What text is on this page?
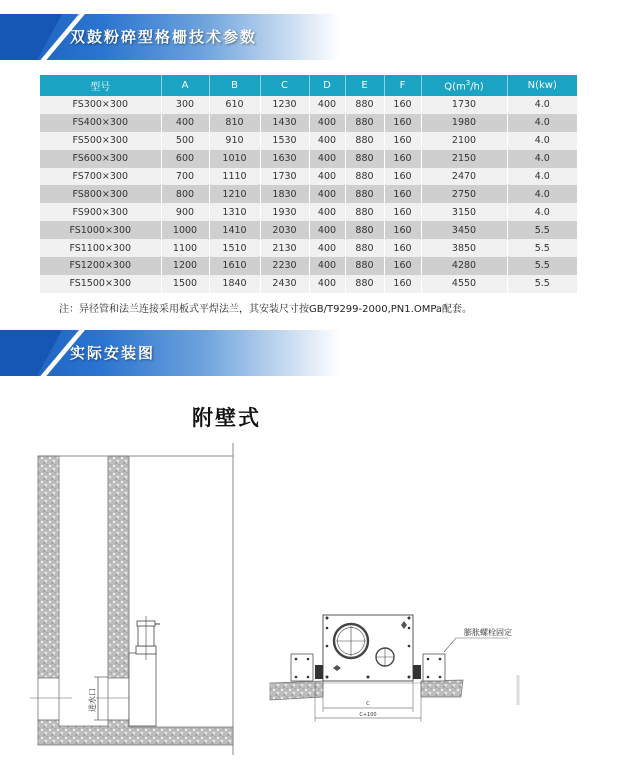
双鼓粉碎型格栅技术参数
型号	A	B	C	D	E	F	$Q(m^3/h)$	N(kw)
FS300×300	300	610	1230	400	880	160	1730	4.0
FS400×300	400	810	1430	400	880	160	1980	4.0
FS500×300	500	910	1530	400	880	160	2100	4.0
FS600×300	600	1010	1630	400	880	160	2150	4.0
FS700×300	700	1110	1730	400	880	160	2470	4.0
FS800×300	800	1210	1830	400	880	160	2750	4.0
FS900×300	900	1310	1930	400	880	160	3150	4.0
FS1000×300	1000	1410	2030	400	880	160	3450	5.5
FS1100×300	1100	1510	2130	400	880	160	3850	5.5
FS1200×300	1200	1610	2230	400	880	160	4280	5.5
FS1500×300	1500	1840	2430	400	880	160	4550	5.5
注：异径管和法兰连接采用板式平焊法兰，其安装尺寸按GB/T9299-2000,PN1.OMPa配套。
实际安装图
附壁式
进水口	C
C+100
膨胀螺栓固定
